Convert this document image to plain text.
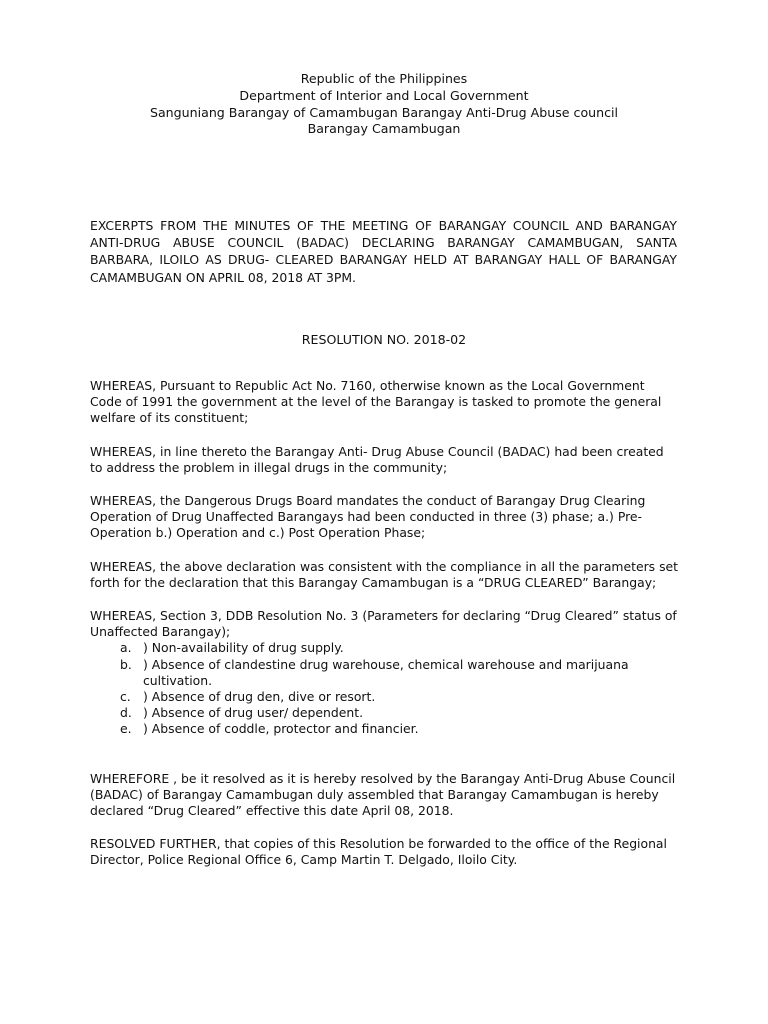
Republic of the Philippines
Department of Interior and Local Government
Sanguniang Barangay of Camambugan Barangay Anti-Drug Abuse council
Barangay Camambugan
EXCERPTS FROM THE MINUTES OF THE MEETING OF BARANGAY COUNCIL AND BARANGAY ANTI-DRUG ABUSE COUNCIL (BADAC) DECLARING BARANGAY CAMAMBUGAN, SANTA BARBARA, ILOILO AS DRUG- CLEARED BARANGAY HELD AT BARANGAY HALL OF BARANGAY CAMAMBUGAN ON APRIL 08, 2018 AT 3PM.
RESOLUTION NO. 2018-02

WHEREAS, Pursuant to Republic Act No. 7160, otherwise known as the Local Government Code of 1991 the government at the level of the Barangay is tasked to promote the general welfare of its constituent;

WHEREAS, in line thereto the Barangay Anti- Drug Abuse Council (BADAC) had been created to address the problem in illegal drugs in the community;

WHEREAS, the Dangerous Drugs Board mandates the conduct of Barangay Drug Clearing Operation of Drug Unaffected Barangays had been conducted in three (3) phase; a.) Pre-Operation b.) Operation and c.) Post Operation Phase;

WHEREAS, the above declaration was consistent with the compliance in all the parameters set forth for the declaration that this Barangay Camambugan is a “DRUG CLEARED” Barangay;

WHEREAS, Section 3, DDB Resolution No. 3 (Parameters for declaring “Drug Cleared” status of Unaffected Barangay);

a. ) Non-availability of drug supply.
b. ) Absence of clandestine drug warehouse, chemical warehouse and marijuana cultivation.
c. ) Absence of drug den, dive or resort.
d. ) Absence of drug user/ dependent.
e. ) Absence of coddle, protector and financier.

WHEREFORE , be it resolved as it is hereby resolved by the Barangay Anti-Drug Abuse Council (BADAC) of Barangay Camambugan duly assembled that Barangay Camambugan is hereby declared “Drug Cleared” effective this date April 08, 2018.

RESOLVED FURTHER, that copies of this Resolution be forwarded to the office of the Regional Director, Police Regional Office 6, Camp Martin T. Delgado, Iloilo City.
